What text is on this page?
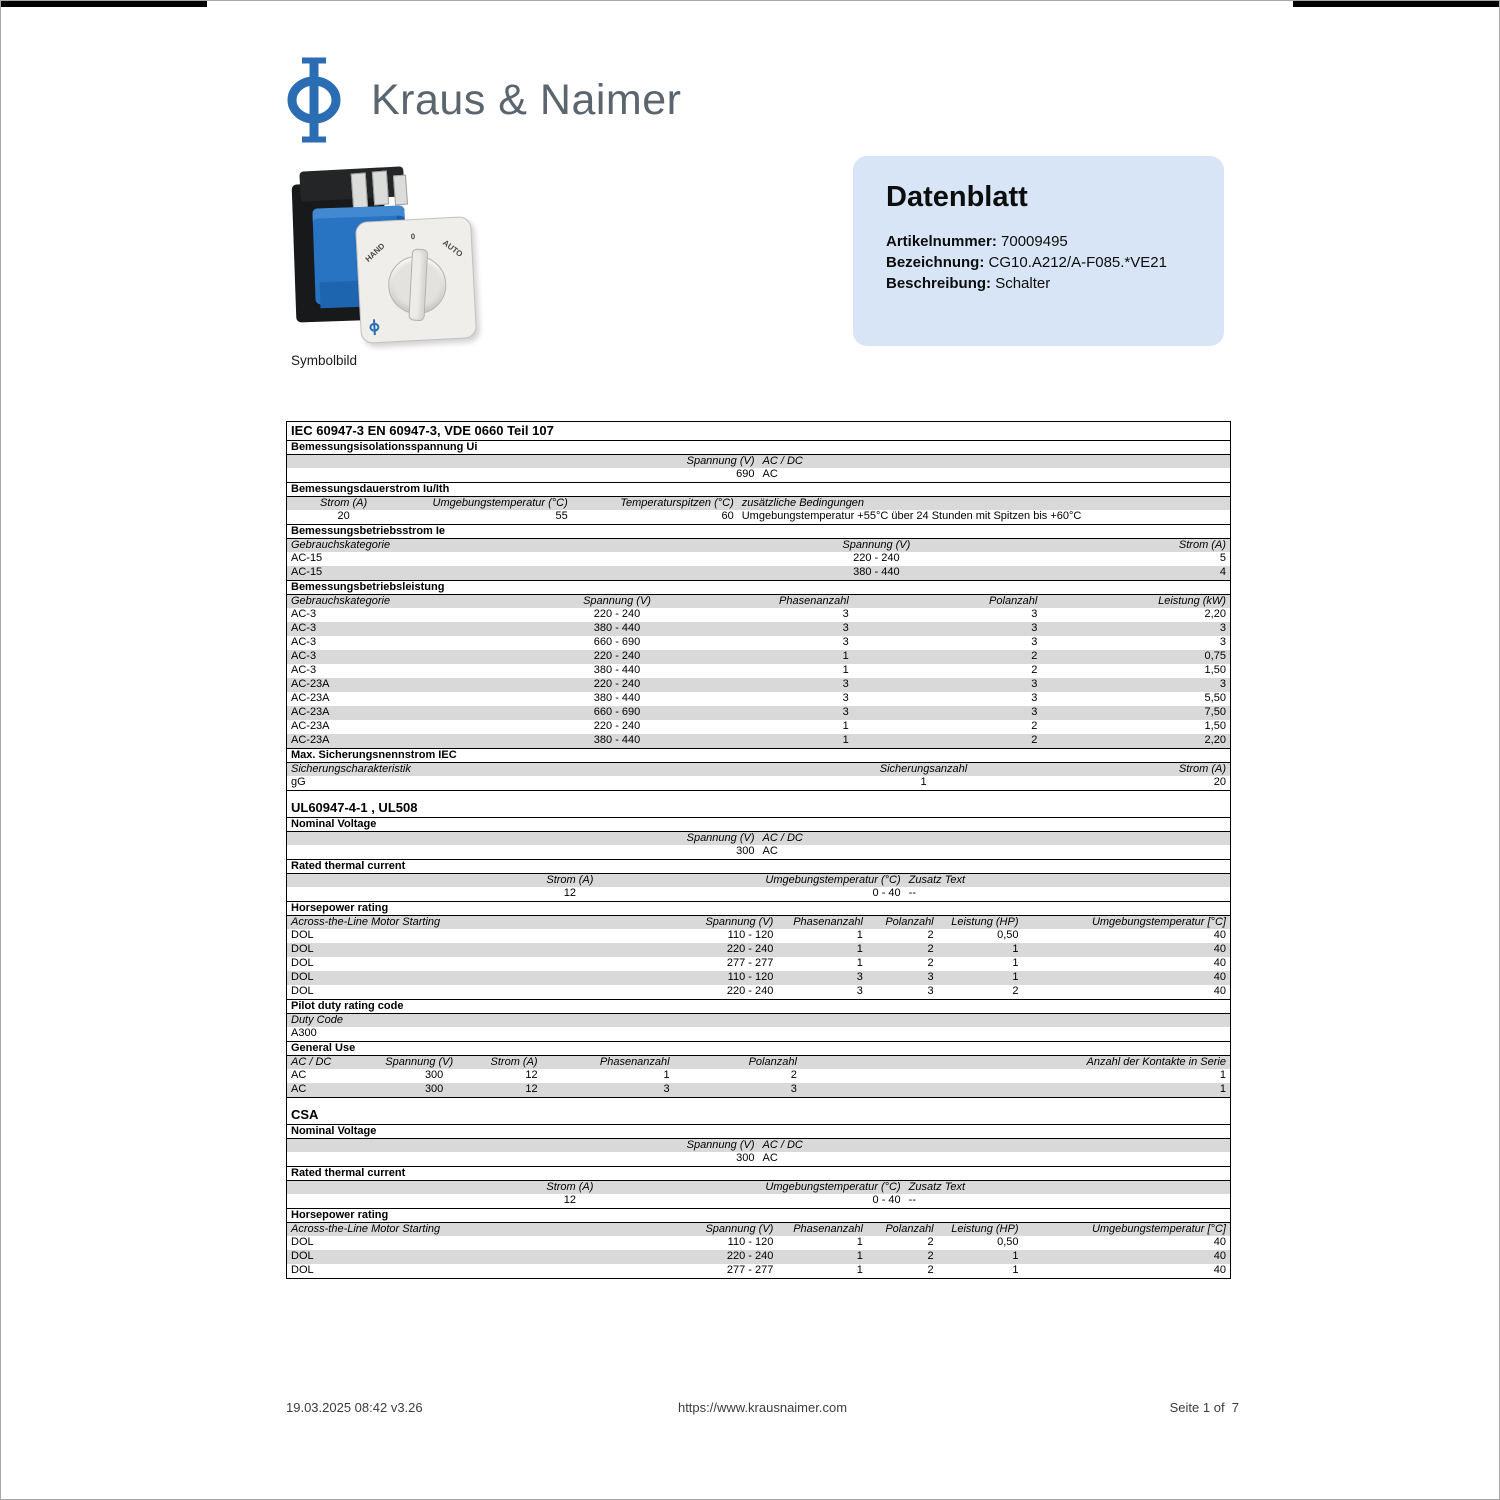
Kraus & Naimer
HAND
0
AUTO
Symbolbild
Datenblatt
Artikelnummer: 70009495
Bezeichnung: CG10.A212/A-F085.*VE21
Beschreibung: Schalter
IEC 60947-3 EN 60947-3, VDE 0660 Teil 107
Bemessungsisolationsspannung Ui
Spannung (V) AC / DC
690 AC
Bemessungsdauerstrom Iu/Ith
Strom (A)	Umgebungstemperatur (°C)	Temperaturspitzen (°C) zusätzliche Bedingungen
20	55	60 Umgebungstemperatur +55°C über 24 Stunden mit Spitzen bis +60°C
Bemessungsbetriebsstrom Ie
Gebrauchskategorie	Spannung (V)	Strom (A)
AC-15	220 - 240	5
AC-15	380 - 440	4
Bemessungsbetriebsleistung
Gebrauchskategorie	Spannung (V)	Phasenanzahl	Polanzahl	Leistung (kW)
AC-3	220 - 240	3	3	2,20
AC-3	380 - 440	3	3	3
AC-3	660 - 690	3	3	3
AC-3	220 - 240	1	2	0,75
AC-3	380 - 440	1	2	1,50
AC-23A	220 - 240	3	3	3
AC-23A	380 - 440	3	3	5,50
AC-23A	660 - 690	3	3	7,50
AC-23A	220 - 240	1	2	1,50
AC-23A	380 - 440	1	2	2,20
Max. Sicherungsnennstrom IEC
Sicherungscharakteristik	Sicherungsanzahl	Strom (A)
gG	1	20
UL60947-4-1 , UL508
Nominal Voltage
Spannung (V) AC / DC
300 AC
Rated thermal current
Strom (A)	Umgebungstemperatur (°C) Zusatz Text
12	0 - 40 --
Horsepower rating
Across-the-Line Motor Starting	Spannung (V)	Phasenanzahl	Polanzahl	Leistung (HP)	Umgebungstemperatur [°C]
DOL	110 - 120	1	2	0,50	40
DOL	220 - 240	1	2	1	40
DOL	277 - 277	1	2	1	40
DOL	110 - 120	3	3	1	40
DOL	220 - 240	3	3	2	40
Pilot duty rating code
Duty Code
A300
General Use
AC / DC	Spannung (V)	Strom (A)	Phasenanzahl	Polanzahl	Anzahl der Kontakte in Serie
AC	300	12	1	2	1
AC	300	12	3	3	1
CSA
Nominal Voltage
Spannung (V) AC / DC
300 AC
Rated thermal current
Strom (A)	Umgebungstemperatur (°C) Zusatz Text
12	0 - 40 --
Horsepower rating
Across-the-Line Motor Starting	Spannung (V)	Phasenanzahl	Polanzahl	Leistung (HP)	Umgebungstemperatur [°C]
DOL	110 - 120	1	2	0,50	40
DOL	220 - 240	1	2	1	40
DOL	277 - 277	1	2	1	40
19.03.2025 08:42 v3.26	https://www.krausnaimer.com	Seite 1 of  7
